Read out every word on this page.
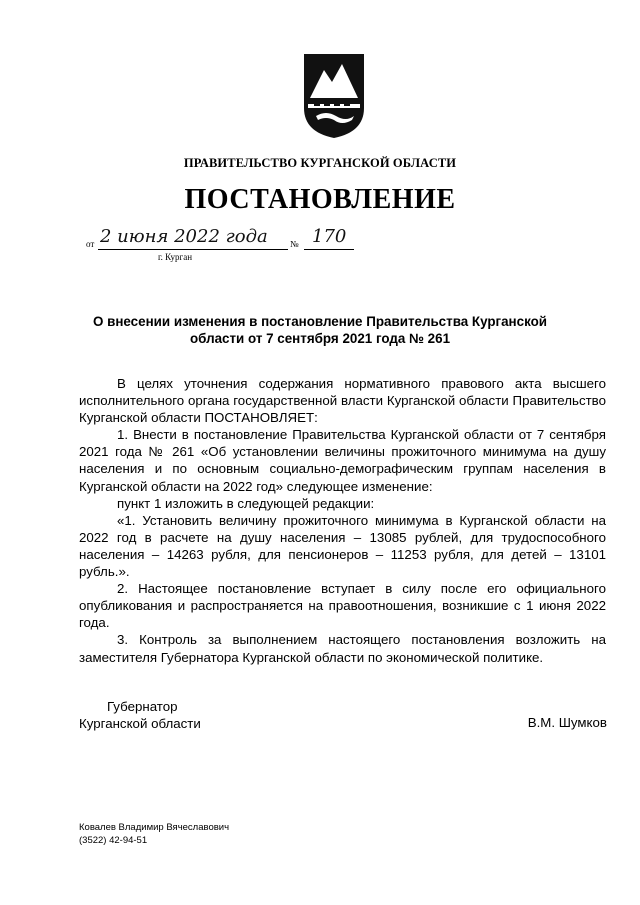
ПРАВИТЕЛЬСТВО КУРГАНСКОЙ ОБЛАСТИ
ПОСТАНОВЛЕНИЕ
от 2 июня 2022 года № 170
г. Курган
О внесении изменения в постановление Правительства Курганской области от 7 сентября 2021 года № 261

В целях уточнения содержания нормативного правового акта высшего исполнительного органа государственной власти Курганской области Правительство Курганской области ПОСТАНОВЛЯЕТ:

1. Внести в постановление Правительства Курганской области от 7 сентября 2021 года № 261 «Об установлении величины прожиточного минимума на душу населения и по основным социально-демографическим группам населения в Курганской области на 2022 год» следующее изменение:

пункт 1 изложить в следующей редакции:

«1. Установить величину прожиточного минимума в Курганской области на 2022 год в расчете на душу населения – 13085 рублей, для трудоспособного населения – 14263 рубля, для пенсионеров – 11253 рубля, для детей – 13101 рубль.».

2. Настоящее постановление вступает в силу после его официального опубликования и распространяется на правоотношения, возникшие с 1 июня 2022 года.

3. Контроль за выполнением настоящего постановления возложить на заместителя Губернатора Курганской области по экономической политике.

Губернатор
Курганской области	В.М. Шумков
Ковалев Владимир Вячеславович
(3522) 42-94-51
